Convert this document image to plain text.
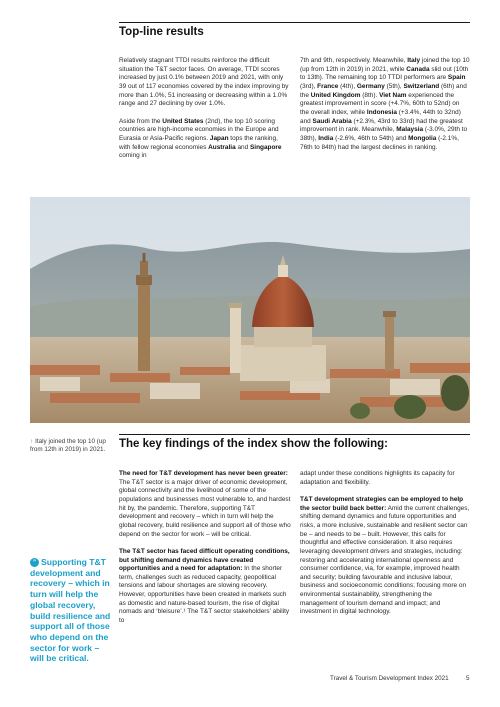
Top-line results

Relatively stagnant TTDI results reinforce the difficult situation the T&T sector faces. On average, TTDI scores increased by just 0.1% between 2019 and 2021, with only 39 out of 117 economies covered by the index improving by more than 1.0%, 51 increasing or decreasing within a 1.0% range and 27 declining by over 1.0%.

Aside from the United States (2nd), the top 10 scoring countries are high-income economies in the Europe and Eurasia or Asia-Pacific regions. Japan tops the ranking, with fellow regional economies Australia and Singapore coming in

7th and 9th, respectively. Meanwhile, Italy joined the top 10 (up from 12th in 2019) in 2021, while Canada slid out (10th to 13th). The remaining top 10 TTDI performers are Spain (3rd), France (4th), Germany (5th), Switzerland (6th) and the United Kingdom (8th). Viet Nam experienced the greatest improvement in score (+4.7%, 60th to 52nd) on the overall index, while Indonesia (+3.4%, 44th to 32nd) and Saudi Arabia (+2.3%, 43rd to 33rd) had the greatest improvement in rank. Meanwhile, Malaysia (-3.0%, 29th to 38th), India (-2.6%, 46th to 54th) and Mongolia (-2.1%, 76th to 84th) had the largest declines in ranking.

↑ Italy joined the top 10 (up from 12th in 2019) in 2021. The key findings of the index show the following:

The need for T&T development has never been greater: The T&T sector is a major driver of economic development, global connectivity and the livelihood of some of the populations and businesses most vulnerable to, and hardest hit by, the pandemic. Therefore, supporting T&T development and recovery – which in turn will help the global recovery, build resilience and support all of those who depend on the sector for work – will be critical.

The T&T sector has faced difficult operating conditions, but shifting demand dynamics have created opportunities and a need for adaptation: In the shorter term, challenges such as reduced capacity, geopolitical tensions and labour shortages are slowing recovery. However, opportunities have been created in markets such as domestic and nature-based tourism, the rise of digital nomads and ‘bleisure’.¹ The T&T sector stakeholders’ ability to

adapt under these conditions highlights its capacity for adaptation and flexibility.

T&T development strategies can be employed to help the sector build back better: Amid the current challenges, shifting demand dynamics and future opportunities and risks, a more inclusive, sustainable and resilient sector can be – and needs to be – built. However, this calls for thoughtful and effective consideration. It also requires leveraging development drivers and strategies, including: restoring and accelerating international openness and consumer confidence, via, for example, improved health and security; building favourable and inclusive labour, business and socioeconomic conditions; focusing more on environmental sustainability, strengthening the management of tourism demand and impact; and investment in digital technology.

” Supporting T&T development and recovery – which in turn will help the global recovery, build resilience and support all of those who depend on the sector for work – will be critical.
Travel & Tourism Development Index 2021	5
